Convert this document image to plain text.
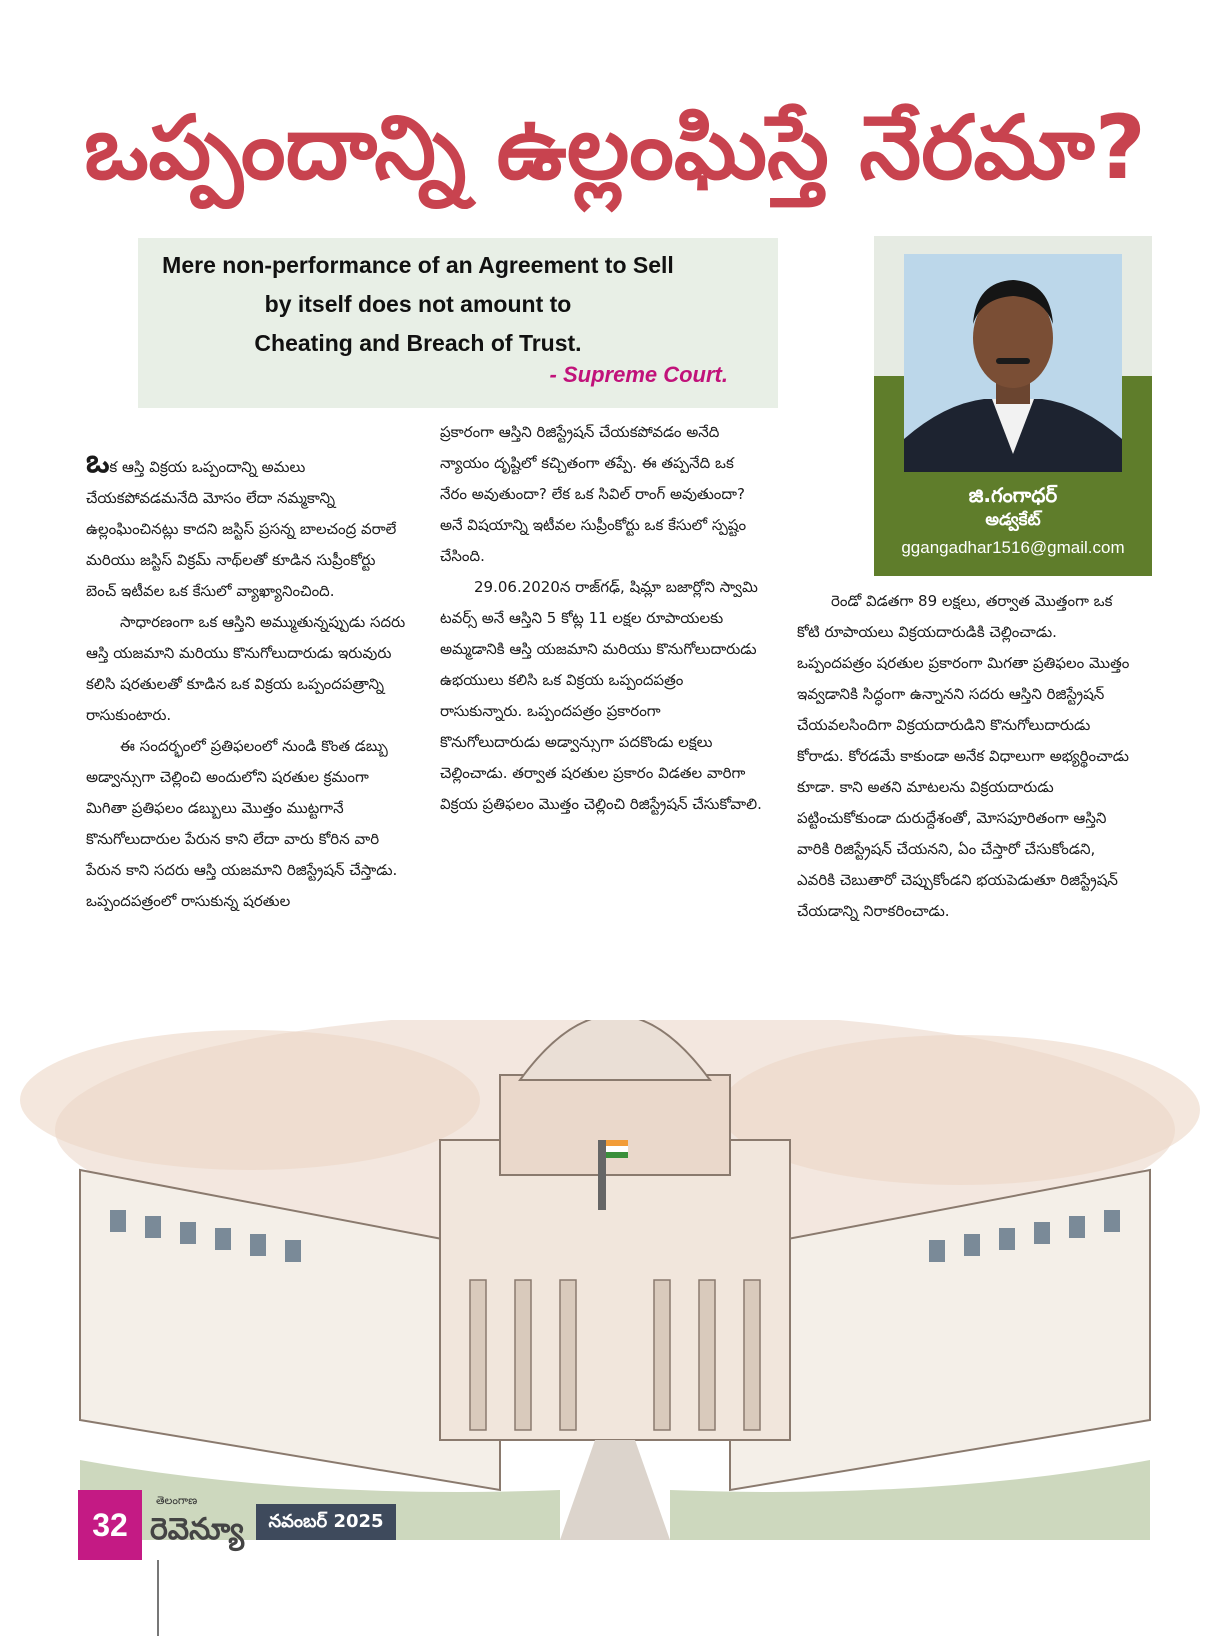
ఒప్పందాన్ని ఉల్లంఘిస్తే నేరమా?
Mere non-performance of an Agreement to Sell
by itself does not amount to
Cheating and Breach of Trust.
- Supreme Court.
జి.గంగాధర్
అడ్వకేట్
ggangadhar1516@gmail.com

ఒక ఆస్తి విక్రయ ఒప్పందాన్ని అమలు చేయకపోవడమనేది మోసం లేదా నమ్మకాన్ని ఉల్లంఘించినట్లు కాదని జస్టిస్ ప్రసన్న బాలచంద్ర వరాలే మరియు జస్టిస్ విక్రమ్ నాథ్‌లతో కూడిన సుప్రీంకోర్టు బెంచ్ ఇటీవల ఒక కేసులో వ్యాఖ్యానించింది.

సాధారణంగా ఒక ఆస్తిని అమ్ముతున్నప్పుడు సదరు ఆస్తి యజమాని మరియు కొనుగోలుదారుడు ఇరువురు కలిసి షరతులతో కూడిన ఒక విక్రయ ఒప్పందపత్రాన్ని రాసుకుంటారు.

ఈ సందర్భంలో ప్రతిఫలంలో నుండి కొంత డబ్బు అడ్వాన్సుగా చెల్లించి అందులోని షరతుల క్రమంగా మిగితా ప్రతిఫలం డబ్బులు మొత్తం ముట్టగానే కొనుగోలుదారుల పేరున కాని లేదా వారు కోరిన వారి పేరున కాని సదరు ఆస్తి యజమాని రిజిస్ట్రేషన్ చేస్తాడు. ఒప్పందపత్రంలో రాసుకున్న షరతుల

ప్రకారంగా ఆస్తిని రిజిస్ట్రేషన్ చేయకపోవడం అనేది న్యాయం దృష్టిలో కచ్చితంగా తప్పే. ఈ తప్పనేది ఒక నేరం అవుతుందా? లేక ఒక సివిల్ రాంగ్ అవుతుందా? అనే విషయాన్ని ఇటీవల సుప్రీంకోర్టు ఒక కేసులో స్పష్టం చేసింది.

29.06.2020న రాజ్‌గఢ్, షిమ్లా బజార్లోని స్వామి టవర్స్ అనే ఆస్తిని 5 కోట్ల 11 లక్షల రూపాయలకు అమ్మడానికి ఆస్తి యజమాని మరియు కొనుగోలుదారుడు ఉభయులు కలిసి ఒక విక్రయ ఒప్పందపత్రం రాసుకున్నారు. ఒప్పందపత్రం ప్రకారంగా కొనుగోలుదారుడు అడ్వాన్సుగా పదకొండు లక్షలు చెల్లించాడు. తర్వాత షరతుల ప్రకారం విడతల వారిగా విక్రయ ప్రతిఫలం మొత్తం చెల్లించి రిజిస్ట్రేషన్ చేసుకోవాలి.

రెండో విడతగా 89 లక్షలు, తర్వాత మొత్తంగా ఒక కోటి రూపాయలు విక్రయదారుడికి చెల్లించాడు. ఒప్పందపత్రం షరతుల ప్రకారంగా మిగతా ప్రతిఫలం మొత్తం ఇవ్వడానికి సిద్ధంగా ఉన్నానని సదరు ఆస్తిని రిజిస్ట్రేషన్ చేయవలసిందిగా విక్రయదారుడిని కొనుగోలుదారుడు కోరాడు. కోరడమే కాకుండా అనేక విధాలుగా అభ్యర్థించాడు కూడా. కాని అతని మాటలను విక్రయదారుడు పట్టించుకోకుండా దురుద్దేశంతో, మోసపూరితంగా ఆస్తిని వారికి రిజిస్ట్రేషన్ చేయనని, ఏం చేస్తారో చేసుకోండని, ఎవరికి చెబుతారో చెప్పుకోండని భయపెడుతూ రిజిస్ట్రేషన్ చేయడాన్ని నిరాకరించాడు.

32
తెలంగాణ
రెవెన్యూ	నవంబర్ 2025
